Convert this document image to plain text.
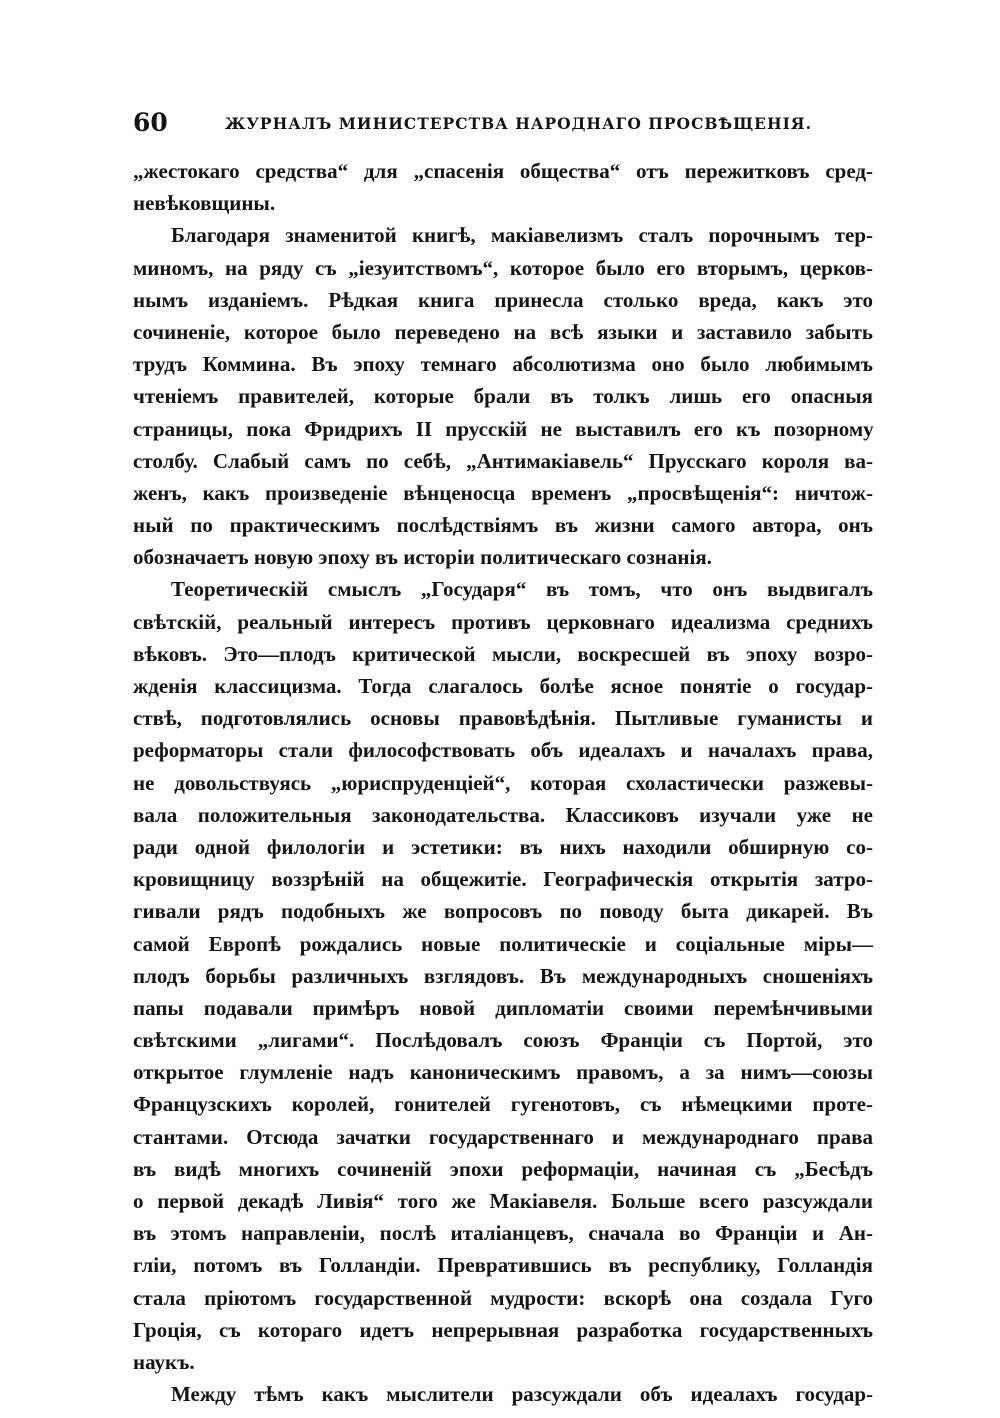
60	ЖУРНАЛЪ МИНИСТЕРСТВА НАРОДНАГО ПРОСВѢЩЕНІЯ.
„жестокаго средства“ для „спасенія общества“ отъ пережитковъ сред-
невѣковщины.
Благодаря знаменитой книгѣ, макіавелизмъ сталъ порочнымъ тер-
миномъ, на ряду съ „іезуитствомъ“, которое было его вторымъ, церков-
нымъ изданіемъ. Рѣдкая книга принесла столько вреда, какъ это
сочиненіе, которое было переведено на всѣ языки и заставило забыть
трудъ Коммина. Въ эпоху темнаго абсолютизма оно было любимымъ
чтеніемъ правителей, которые брали въ толкъ лишь его опасныя
страницы, пока Фридрихъ II прусскій не выставилъ его къ позорному
столбу. Слабый самъ по себѣ, „Антимакіавель“ Прусскаго короля ва-
женъ, какъ произведеніе вѣнценосца временъ „просвѣщенія“: ничтож-
ный по практическимъ послѣдствіямъ въ жизни самого автора, онъ
обозначаетъ новую эпоху въ исторіи политическаго сознанія.
Теоретическій смыслъ „Государя“ въ томъ, что онъ выдвигалъ
свѣтскій, реальный интересъ противъ церковнаго идеализма среднихъ
вѣковъ. Это—плодъ критической мысли, воскресшей въ эпоху возро-
жденія классицизма. Тогда слагалось болѣе ясное понятіе о государ-
ствѣ, подготовлялись основы правовѣдѣнія. Пытливые гуманисты и
реформаторы стали философствовать объ идеалахъ и началахъ права,
не довольствуясь „юриспруденціей“, которая схоластически разжевы-
вала положительныя законодательства. Классиковъ изучали уже не
ради одной филологіи и эстетики: въ нихъ находили обширную со-
кровищницу воззрѣній на общежитіе. Географическія открытія затро-
гивали рядъ подобныхъ же вопросовъ по поводу быта дикарей. Въ
самой Европѣ рождались новые политическіе и соціальные міры—
плодъ борьбы различныхъ взглядовъ. Въ международныхъ сношеніяхъ
папы подавали примѣръ новой дипломатіи своими перемѣнчивыми
свѣтскими „лигами“. Послѣдовалъ союзъ Франціи съ Портой, это
открытое глумленіе надъ каноническимъ правомъ, а за нимъ—союзы
Французскихъ королей, гонителей гугенотовъ, съ нѣмецкими проте-
стантами. Отсюда зачатки государственнаго и международнаго права
въ видѣ многихъ сочиненій эпохи реформаціи, начиная съ „Бесѣдъ
о первой декадѣ Ливія“ того же Макіавеля. Больше всего разсуждали
въ этомъ направленіи, послѣ италіанцевъ, сначала во Франціи и Ан-
гліи, потомъ въ Голландіи. Превратившись въ республику, Голландія
стала пріютомъ государственной мудрости: вскорѣ она создала Гуго
Гроція, съ котораго идетъ непрерывная разработка государственныхъ
наукъ.
Между тѣмъ какъ мыслители разсуждали объ идеалахъ государ-
